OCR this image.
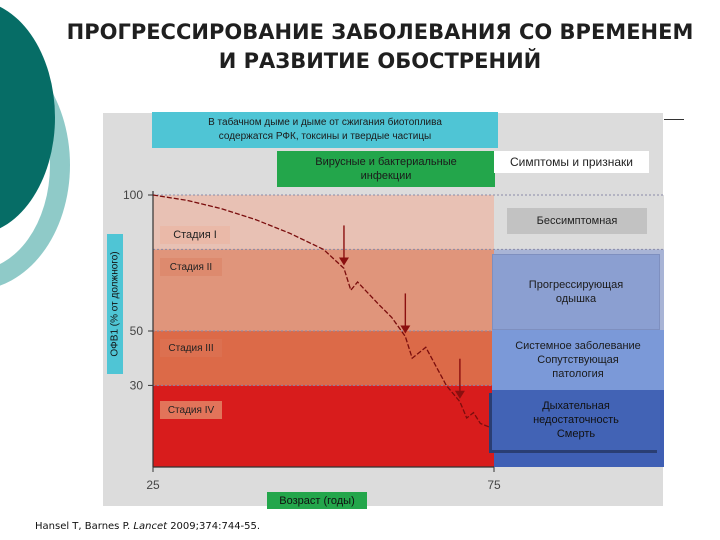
ПРОГРЕССИРОВАНИЕ ЗАБОЛЕВАНИЯ СО ВРЕМЕНЕМ
И РАЗВИТИЕ ОБОСТРЕНИЙ
100
50
30
25	75
В табачном дыме и дыме от сжигания биотоплива
содержатся РФК, токсины и твердые частицы
Вирусные и бактериальные
инфекции
Симптомы и признаки
Бессимптомная
Прогрессирующая
одышка
Системное заболевание
Сопутствующая
патология
Дыхательная
недостаточность
Смерть
Стадия I
Стадия II
Стадия III
Стадия IV
ОФВ1 (% от должного)
Возраст (годы)
Hansel T, Barnes P. Lancet 2009;374:744-55.
